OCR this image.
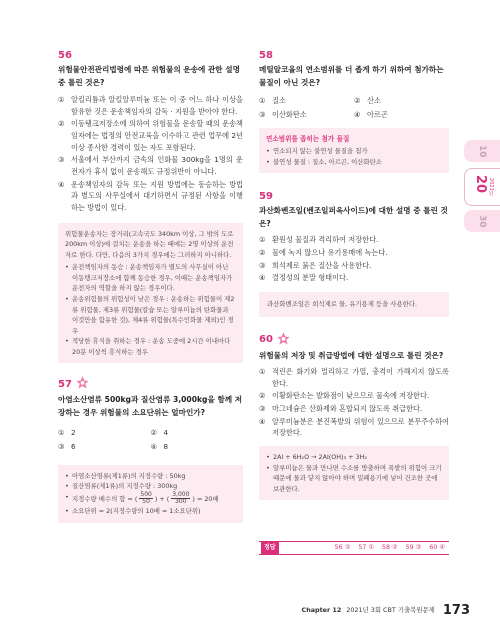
56
위험물안전관리법령에 따른 위험물의 운송에 관한 설명 중 틀린 것은?
① 알킬리튬과 알킬알루미늄 또는 이 중 어느 하나 이상을 함유한 것은 운송책임자의 감독 · 지원을 받아야 한다.
② 이동탱크저장소에 의하여 위험물을 운송할 때의 운송책임자에는 법정의 안전교육을 이수하고 관련 업무에 2년 이상 종사한 경력이 있는 자도 포함된다.
③ 서울에서 부산까지 금속의 인화물 300kg을 1명의 운전자가 휴식 없이 운송해도 규정위반이 아니다.
④ 운송책임자의 감독 또는 지원 방법에는 동승하는 방법과 별도의 사무실에서 대기하면서 규정된 사항을 이행하는 방법이 있다.
위험물운송자는 장거리(고속국도 340km 이상, 그 밖의 도로 200km 이상)에 걸치는 운송을 하는 때에는 2명 이상의 운전자로 한다. 다만, 다음의 3가지 경우에는 그러하지 아니하다.
• 운전책임자의 동승 : 운송책임자가 별도의 사무실이 아닌 이동탱크저장소에 함께 동승한 경우, 이때는 운송책임자가 운전자의 역할을 하지 않는 경우이다.
• 운송위험물의 위험성이 낮은 경우 : 운송하는 위험물이 제2류 위험물, 제3류 위험물(칼슘 또는 알루미늄의 탄화물과 이것만을 함유한 것), 제4류 위험물(특수인화물 제외)인 경우
• 적당한 휴식을 취하는 경우 : 운송 도중에 2시간 이내마다 20분 이상씩 휴식하는 경우
57
아염소산염류 500kg과 질산염류 3,000kg을 함께 저장하는 경우 위험물의 소요단위는 얼마인가?
① 2	② 4
③ 6	④ 8
• 아염소산염류(제1류)의 지정수량 : 50kg
• 질산염류(제1류)의 지정수량 : 300kg
• 지정수량 배수의 합 = ( $\frac{500}{50}$ ) + ( $\frac{3,000}{300}$ ) = 20배
• 소요단위 = 2(지정수량의 10배 = 1소요단위)
58
메틸알코올의 연소범위를 더 좁게 하기 위하여 첨가하는 물질이 아닌 것은?
① 질소	② 산소
③ 이산화탄소	④ 아르곤
연소범위를 좁히는 첨가 물질
• 연소되지 않는 불연성 물질을 첨가
• 불연성 물질 : 질소, 아르곤, 이산화탄소
59
과산화벤조일(벤조일퍼옥사이드)에 대한 설명 중 틀린 것은?
① 환원성 물질과 격리하여 저장한다.
② 물에 녹지 않으나 유기용매에 녹는다.
③ 희석제로 묽은 질산을 사용한다.
④ 결정성의 분말 형태이다.
과산화벤조일은 희석제로 물, 유기용제 등을 사용한다.
60
위험물의 저장 및 취급방법에 대한 설명으로 틀린 것은?
① 적린은 화기와 멀리하고 가열, 충격이 가해지지 않도록 한다.
② 이황화탄소는 발화점이 낮으므로 물속에 저장한다.
③ 마그네슘은 산화제와 혼합되지 않도록 취급한다.
④ 알루미늄분은 분진폭발의 위험이 있으므로 분무주수하여 저장한다.
• 2Al + 6H₂O → 2Al(OH)₃ + 3H₂
• 알루미늄은 물과 만나면 수소를 방출하며 폭발의 위험이 크기 때문에 물과 닿지 않아야 하며 밀폐용기에 넣어 건조한 곳에 보관한다.
10
20 2021년
30
정답	56 ③ 57 ① 58 ② 59 ③ 60 ④
Chapter 12 2021년 3회 CBT 기출복원문제 173
